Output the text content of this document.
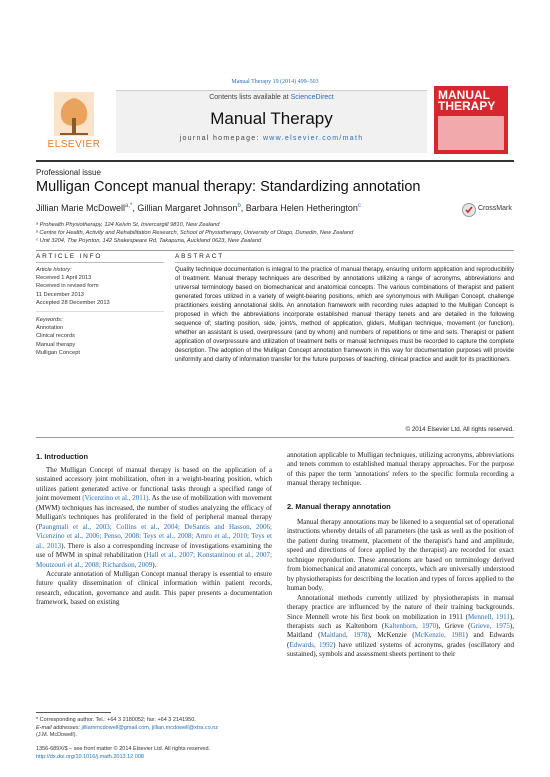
Manual Therapy 19 (2014) 499–503
ELSEVIER
Contents lists available at ScienceDirect
Manual Therapy
journal homepage: www.elsevier.com/math
MANUAL
THERAPY
Professional issue
Mulligan Concept manual therapy: Standardizing annotation
Jillian Marie McDowell$^{a,*}$, Gillian Margaret Johnson$^b$, Barbara Helen Hetherington$^c$	CrossMark
ᵃ Prohealth Physiotherapy, 124 Kelvin St, Invercargill 9810, New Zealand
ᵇ Centre for Health, Activity and Rehabilitation Research, School of Physiotherapy, University of Otago, Dunedin, New Zealand
ᶜ Unit 3204, The Poynton, 142 Shakespeare Rd, Takapuna, Auckland 0623, New Zealand
ARTICLE INFO	ABSTRACT
Article history:
Received 1 April 2013
Received in revised form
11 December 2013
Accepted 28 December 2013
Keywords:
Annotation
Clinical records
Manual therapy
Mulligan Concept
Quality technique documentation is integral to the practice of manual therapy, ensuring uniform application and reproducibility of treatment. Manual therapy techniques are described by annotations utilizing a range of acronyms, abbreviations and universal terminology based on biomechanical and anatomical concepts. The various combinations of therapist and patient generated forces utilized in a variety of weight-bearing positions, which are synonymous with Mulligan Concept, challenge practitioners existing annotational skills. An annotation framework with recording rules adapted to the Mulligan Concept is proposed in which the abbreviations incorporate established manual therapy tenets and are detailed in the following sequence of; starting position, side, joint/s, method of application, glide/s, Mulligan technique, movement (or function), whether an assistant is used, overpressure (and by whom) and numbers of repetitions or time and sets. Therapist or patient application of overpressure and utilization of treatment belts or manual techniques must be recorded to capture the complete description. The adoption of the Mulligan Concept annotation framework in this way for documentation purposes will provide uniformity and clarity of information transfer for the future purposes of teaching, clinical practice and audit for its practitioners.
© 2014 Elsevier Ltd. All rights reserved.
1. Introduction

The Mulligan Concept of manual therapy is based on the application of a sustained accessory joint mobilization, often in a weight-bearing position, which utilizes patient generated active or functional tasks through a specified range of joint movement (Vicenzino et al., 2011). As the use of mobilization with movement (MWM) techniques has increased, the number of studies analyzing the efficacy of Mulligan's techniques has proliferated in the field of peripheral manual therapy (Paungmali et al., 2003; Collins et al., 2004; DeSantis and Hasson, 2006; Vicenzino et al., 2006; Penso, 2008; Teys et al., 2008; Amro et al., 2010; Teys et al., 2013). There is also a corresponding increase of investigations examining the use of MWM in spinal rehabilitation (Hall et al., 2007; Konstantinou et al., 2007; Moutzouri et al., 2008; Richardson, 2009).

Accurate annotation of Mulligan Concept manual therapy is essential to ensure future quality dissemination of clinical information within patient records, research, education, governance and audit. This paper presents a documentation framework, based on existing

* Corresponding author. Tel.: +64 3 2180052; fax: +64 3 2141950.
E-mail addresses: jilliammcdowell@gmail.com, jillian.mcdowell@xtra.co.nz
(J.M. McDowell).
1356-689X/$ – see front matter © 2014 Elsevier Ltd. All rights reserved.
http://dx.doi.org/10.1016/j.math.2013.12.008

annotation applicable to Mulligan techniques, utilizing acronyms, abbreviations and tenets common to established manual therapy approaches. For the purpose of this paper the term 'annotations' refers to the specific formula recording a manual therapy technique.

2. Manual therapy annotation

Manual therapy annotations may be likened to a sequential set of operational instructions whereby details of all parameters (the task as well as the position of the patient during treatment, placement of the therapist's hand and amplitude, speed and directions of force applied by the therapist) are recorded for exact technique reproduction. These annotations are based on terminology derived from biomechanical and anatomical concepts, which are universally understood by physiotherapists for describing the location and types of forces applied to the human body.

Annotational methods currently utilized by physiotherapists in manual therapy practice are influenced by the nature of their training backgrounds. Since Mennell wrote his first book on mobilization in 1911 (Mennell, 1911), therapists such as Kaltenborn (Kaltenborn, 1970), Grieve (Grieve, 1975), Maitland (Maitland, 1978), McKenzie (McKenzie, 1981) and Edwards (Edwards, 1992) have utilized systems of acronyms, grades (oscillatory and sustained), symbols and assessment sheets pertinent to their
